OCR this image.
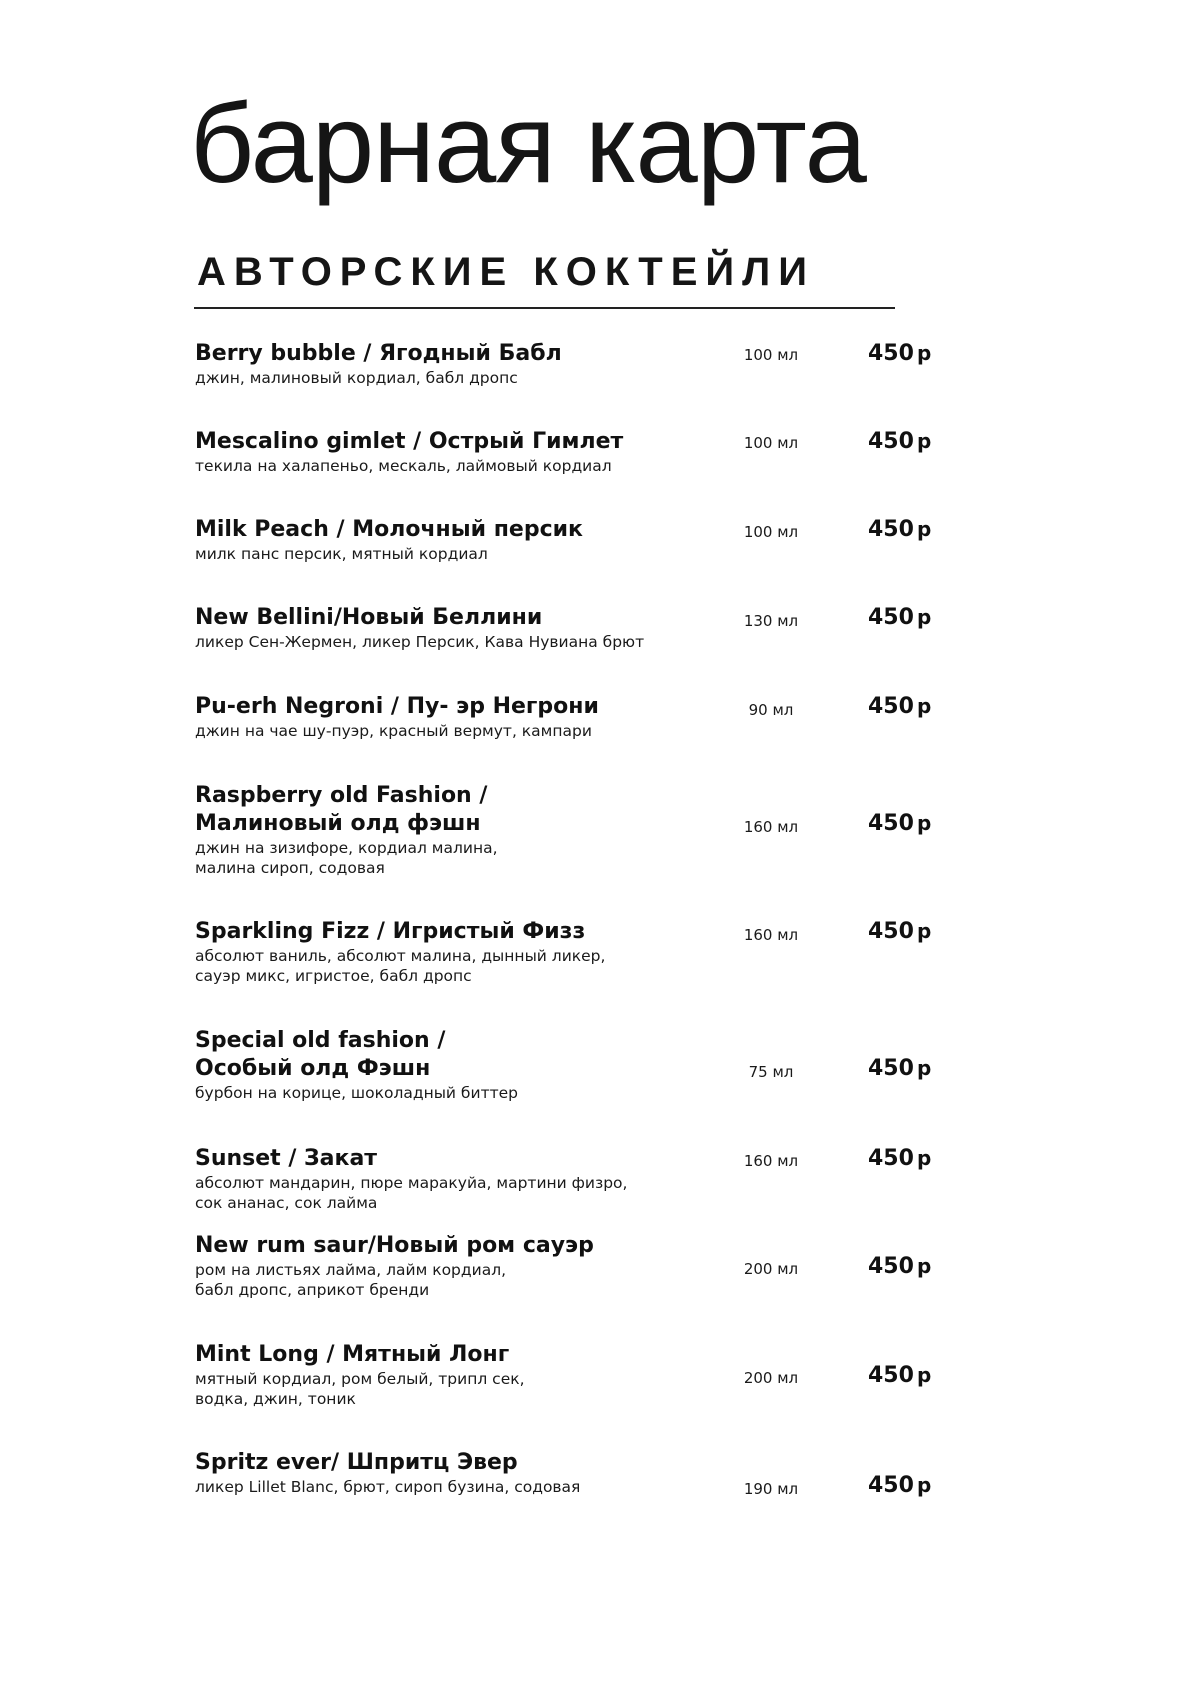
барная карта
АВТОРСКИЕ КОКТЕЙЛИ
Berry bubble / Ягодный Бабл
джин, малиновый кордиал, бабл дропс
100 мл	450 р
Mescalino gimlet / Острый Гимлет
текила на халапеньо, мескаль, лаймовый кордиал
100 мл	450 р
Milk Peach / Молочный персик
милк панс персик, мятный кордиал
100 мл	450 р
New Bellini/Новый Беллини
ликер Сен-Жермен, ликер Персик, Кава Нувиана брют
130 мл	450 р
Pu-erh Negroni / Пу- эр Негрони
джин на чае шу-пуэр, красный вермут, кампари
90 мл	450 р
Raspberry old Fashion /
Малиновый олд фэшн
джин на зизифоре, кордиал малина,
малина сироп, содовая
160 мл	450 р
Sparkling Fizz / Игристый Физз
абсолют ваниль, абсолют малина, дынный ликер,
сауэр микс, игристое, бабл дропс
160 мл	450 р
Special old fashion /
Особый олд Фэшн
бурбон на корице, шоколадный биттер
75 мл	450 р
Sunset / Закат
абсолют мандарин, пюре маракуйа, мартини физро,
сок ананас, сок лайма
160 мл	450 р
New rum saur/Новый ром сауэр
ром на листьях лайма, лайм кордиал,
бабл дропс, априкот бренди
200 мл	450 р
Mint Long / Мятный Лонг
мятный кордиал, ром белый, трипл сек,
водка, джин, тоник
200 мл	450 р
Spritz ever/ Шпритц Эвер
ликер Lillet Blanc, брют, сироп бузина, содовая	190 мл	450 р
